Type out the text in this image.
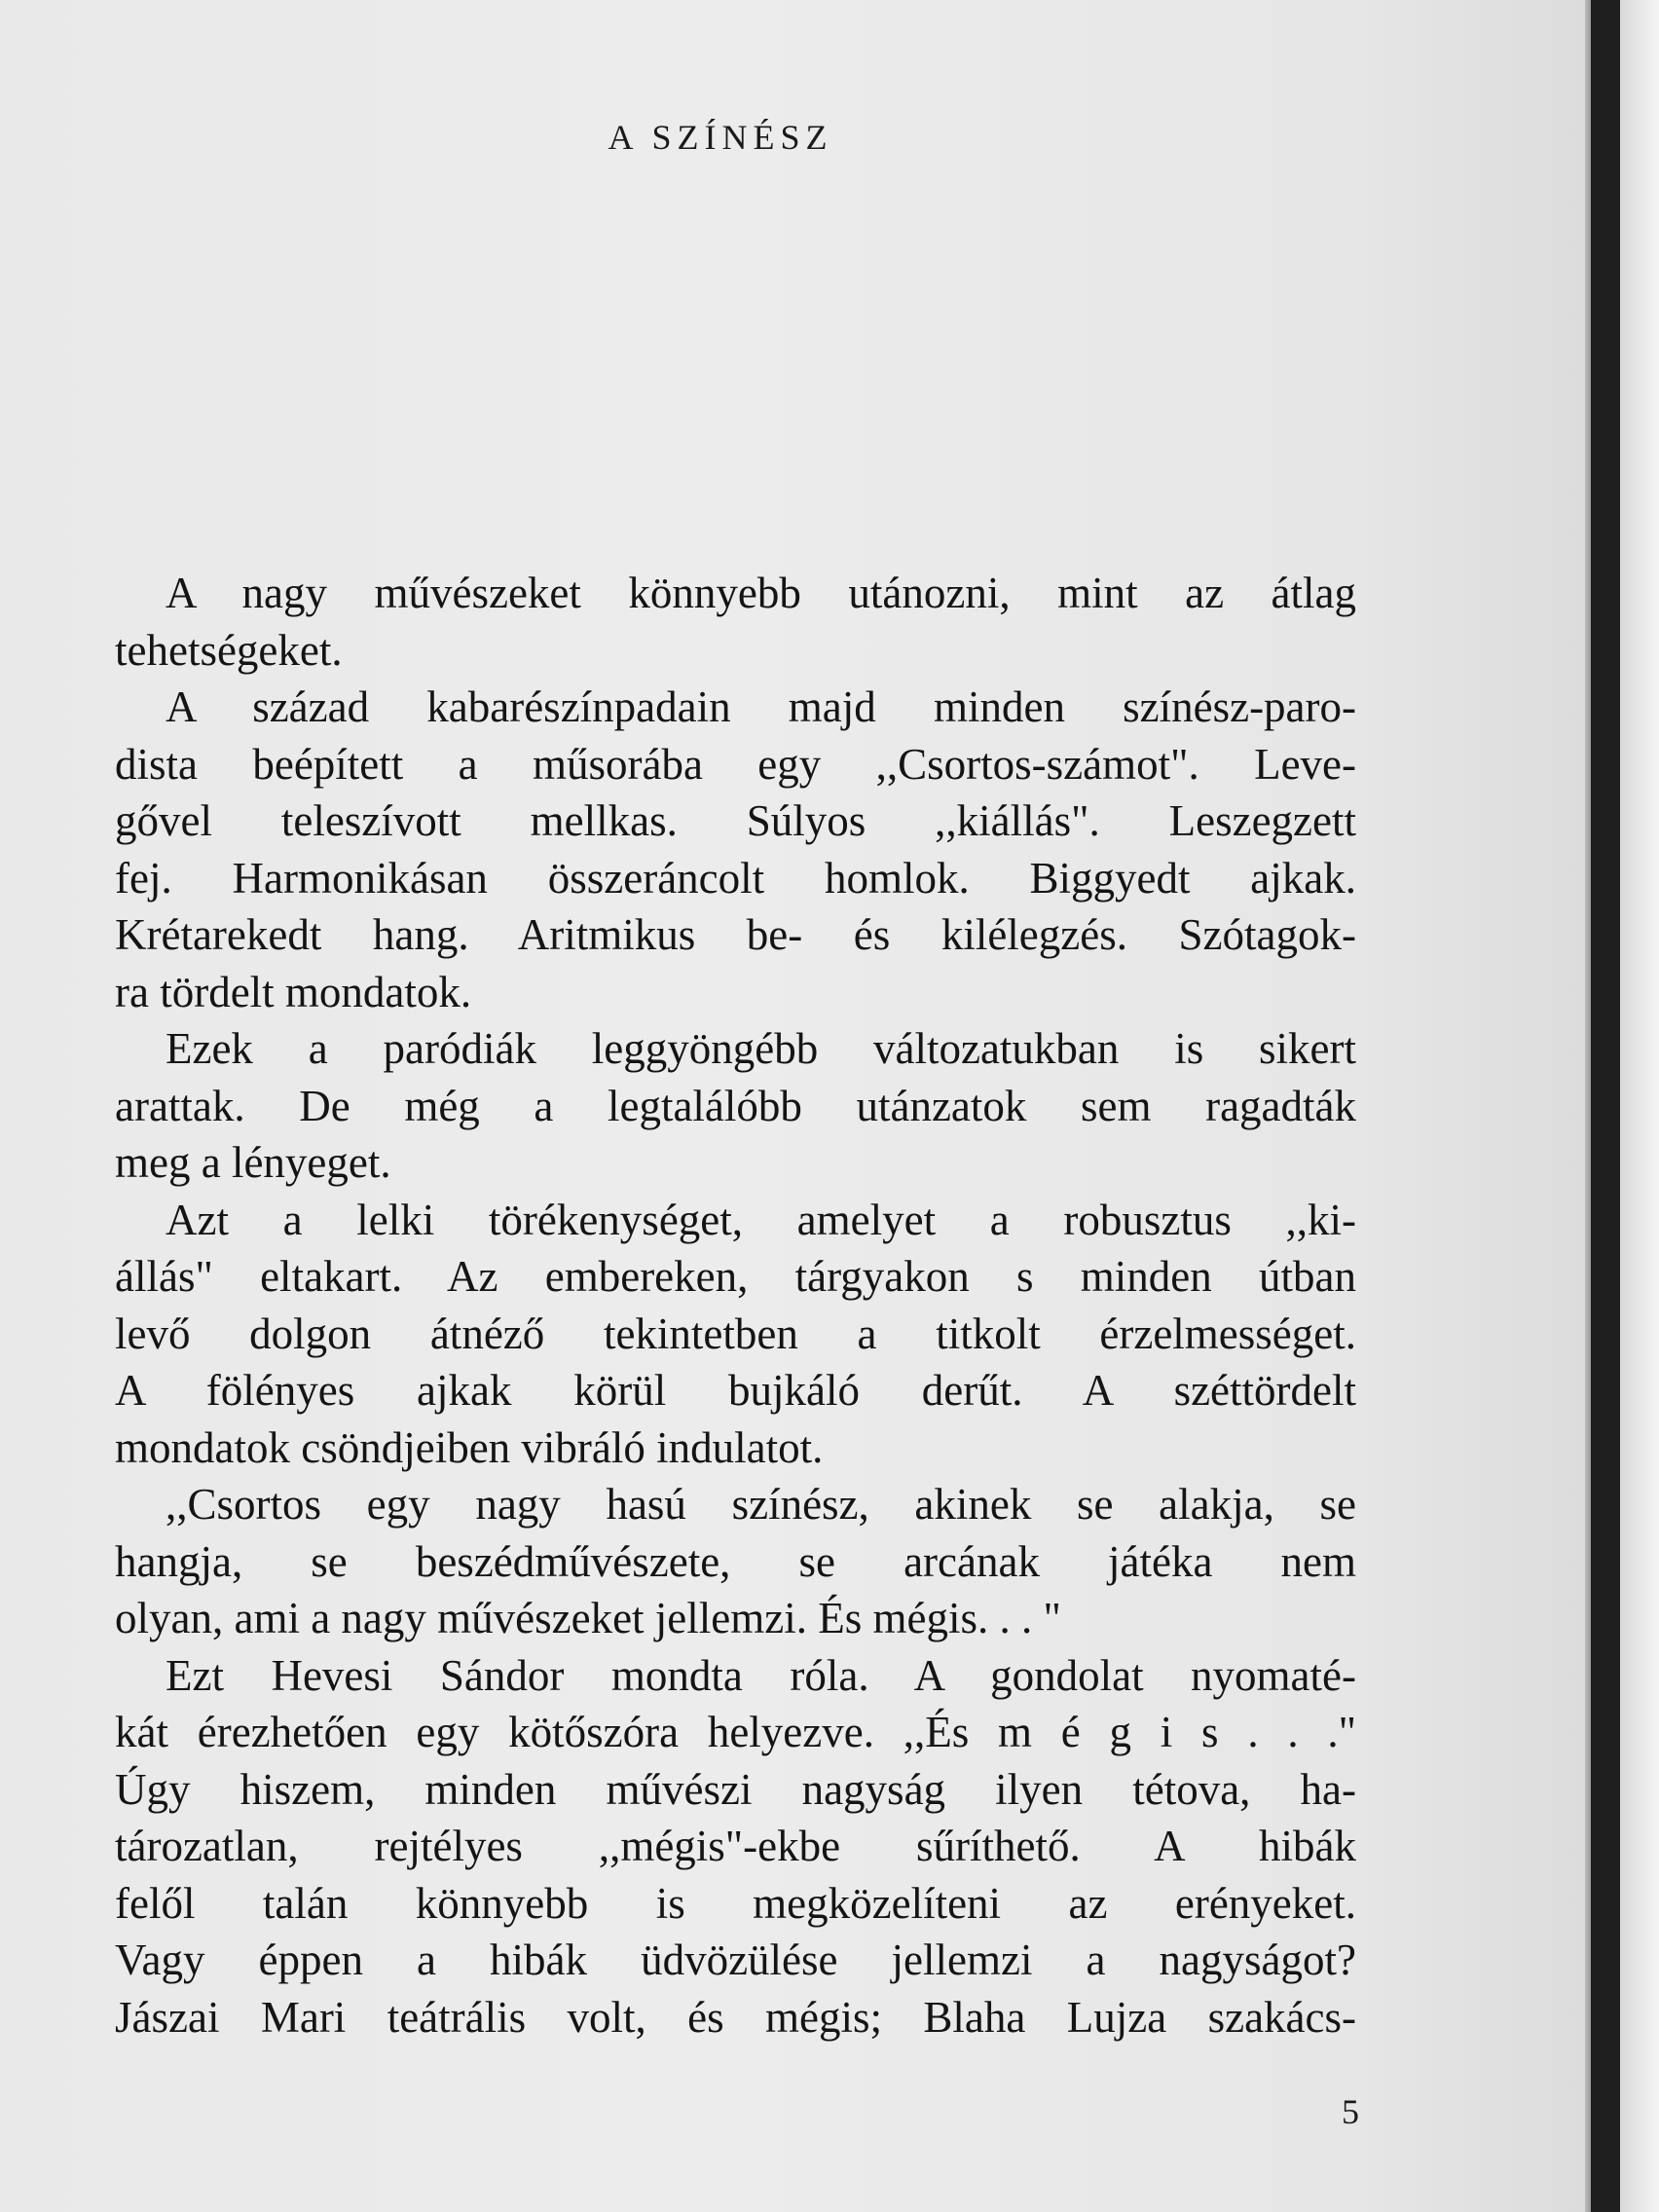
A SZÍNÉSZ
A nagy művészeket könnyebb utánozni, mint az átlag
tehetségeket.
A század kabarészínpadain majd minden színész-paro-
dista beépített a műsorába egy ,,Csortos-számot". Leve-
gővel teleszívott mellkas. Súlyos ,,kiállás". Leszegzett
fej. Harmonikásan összeráncolt homlok. Biggyedt ajkak.
Krétarekedt hang. Aritmikus be- és kilélegzés. Szótagok-
ra tördelt mondatok.
Ezek a paródiák leggyöngébb változatukban is sikert
arattak. De még a legtalálóbb utánzatok sem ragadták
meg a lényeget.
Azt a lelki törékenységet, amelyet a robusztus ,,ki-
állás" eltakart. Az embereken, tárgyakon s minden útban
levő dolgon átnéző tekintetben a titkolt érzelmességet.
A fölényes ajkak körül bujkáló derűt. A széttördelt
mondatok csöndjeiben vibráló indulatot.
,,Csortos egy nagy hasú színész, akinek se alakja, se
hangja, se beszédművészete, se arcának játéka nem
olyan, ami a nagy művészeket jellemzi. És mégis. . . "
Ezt Hevesi Sándor mondta róla. A gondolat nyomaté-
kát érezhetően egy kötőszóra helyezve. ,,És m é g i s . . ."
Úgy hiszem, minden művészi nagyság ilyen tétova, ha-
tározatlan, rejtélyes ,,mégis"-ekbe sűríthető. A hibák
felől talán könnyebb is megközelíteni az erényeket.
Vagy éppen a hibák üdvözülése jellemzi a nagyságot?
Jászai Mari teátrális volt, és mégis; Blaha Lujza szakács-
5
